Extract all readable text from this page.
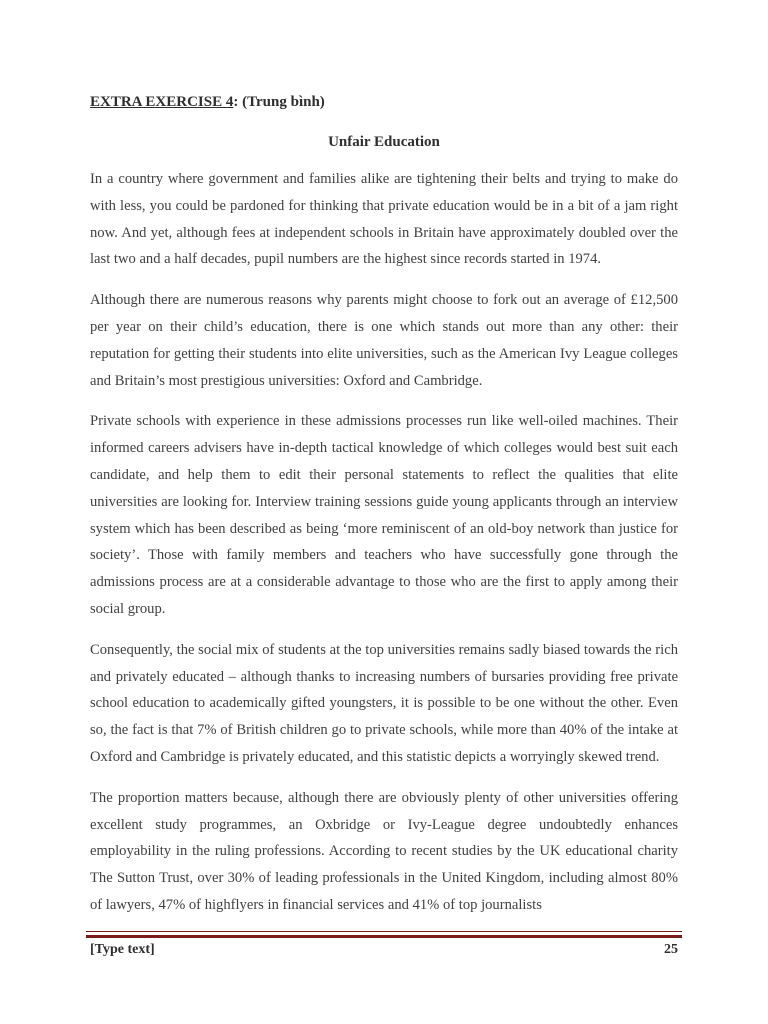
EXTRA EXERCISE 4: (Trung bình)

Unfair Education

In a country where government and families alike are tightening their belts and trying to make do with less, you could be pardoned for thinking that private education would be in a bit of a jam right now. And yet, although fees at independent schools in Britain have approximately doubled over the last two and a half decades, pupil numbers are the highest since records started in 1974.

Although there are numerous reasons why parents might choose to fork out an average of £12,500 per year on their child’s education, there is one which stands out more than any other: their reputation for getting their students into elite universities, such as the American Ivy League colleges and Britain’s most prestigious universities: Oxford and Cambridge.

Private schools with experience in these admissions processes run like well-oiled machines. Their informed careers advisers have in-depth tactical knowledge of which colleges would best suit each candidate, and help them to edit their personal statements to reflect the qualities that elite universities are looking for. Interview training sessions guide young applicants through an interview system which has been described as being ‘more reminiscent of an old-boy network than justice for society’. Those with family members and teachers who have successfully gone through the admissions process are at a considerable advantage to those who are the first to apply among their social group.

Consequently, the social mix of students at the top universities remains sadly biased towards the rich and privately educated – although thanks to increasing numbers of bursaries providing free private school education to academically gifted youngsters, it is possible to be one without the other. Even so, the fact is that 7% of British children go to private schools, while more than 40% of the intake at Oxford and Cambridge is privately educated, and this statistic depicts a worryingly skewed trend.

The proportion matters because, although there are obviously plenty of other universities offering excellent study programmes, an Oxbridge or Ivy-League degree undoubtedly enhances employability in the ruling professions. According to recent studies by the UK educational charity The Sutton Trust, over 30% of leading professionals in the United Kingdom, including almost 80% of lawyers, 47% of highflyers in financial services and 41% of top journalists

[Type text]	25
